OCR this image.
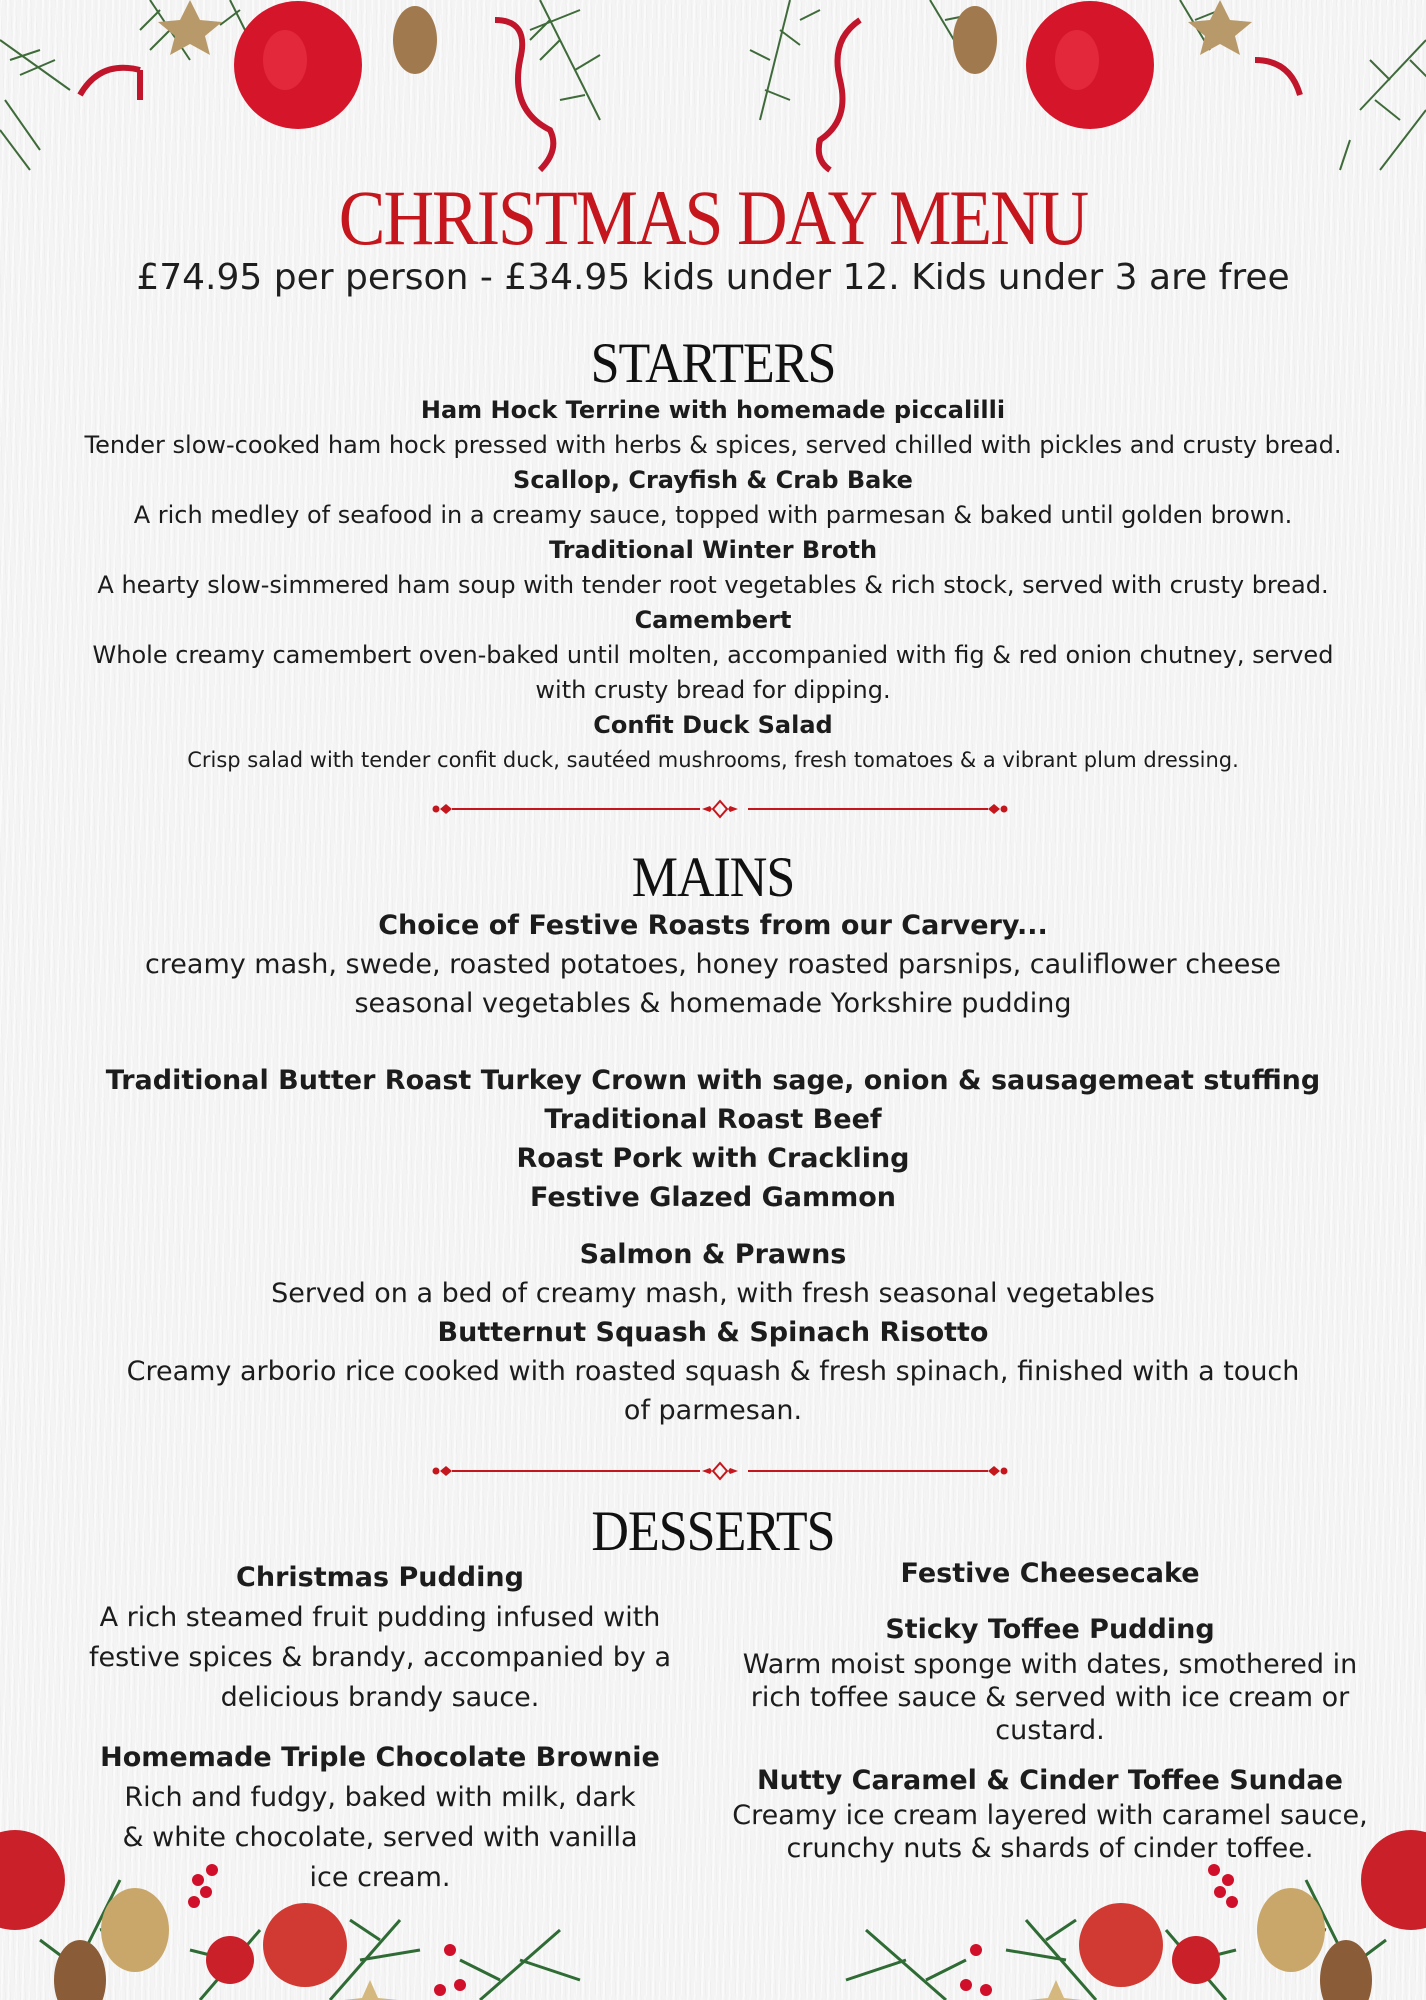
CHRISTMAS DAY MENU
£74.95 per person - £34.95 kids under 12. Kids under 3 are free
STARTERS
Ham Hock Terrine with homemade piccalilli
Tender slow-cooked ham hock pressed with herbs & spices, served chilled with pickles and crusty bread.
Scallop, Crayfish & Crab Bake
A rich medley of seafood in a creamy sauce, topped with parmesan & baked until golden brown.
Traditional Winter Broth
A hearty slow-simmered ham soup with tender root vegetables & rich stock, served with crusty bread.
Camembert
Whole creamy camembert oven-baked until molten, accompanied with fig & red onion chutney, served with crusty bread for dipping.
Confit Duck Salad
Crisp salad with tender confit duck, sautéed mushrooms, fresh tomatoes & a vibrant plum dressing.
MAINS
Choice of Festive Roasts from our Carvery...
creamy mash, swede, roasted potatoes, honey roasted parsnips, cauliflower cheese
seasonal vegetables & homemade Yorkshire pudding
Traditional Butter Roast Turkey Crown with sage, onion & sausagemeat stuffing
Traditional Roast Beef
Roast Pork with Crackling
Festive Glazed Gammon
Salmon & Prawns
Served on a bed of creamy mash, with fresh seasonal vegetables
Butternut Squash & Spinach Risotto
Creamy arborio rice cooked with roasted squash & fresh spinach, finished with a touch of parmesan.
DESSERTS
Christmas Pudding
A rich steamed fruit pudding infused with festive spices & brandy, accompanied by a delicious brandy sauce.
Homemade Triple Chocolate Brownie
Rich and fudgy, baked with milk, dark & white chocolate, served with vanilla ice cream.
Festive Cheesecake
Sticky Toffee Pudding
Warm moist sponge with dates, smothered in rich toffee sauce & served with ice cream or custard.
Nutty Caramel & Cinder Toffee Sundae
Creamy ice cream layered with caramel sauce, crunchy nuts & shards of cinder toffee.
